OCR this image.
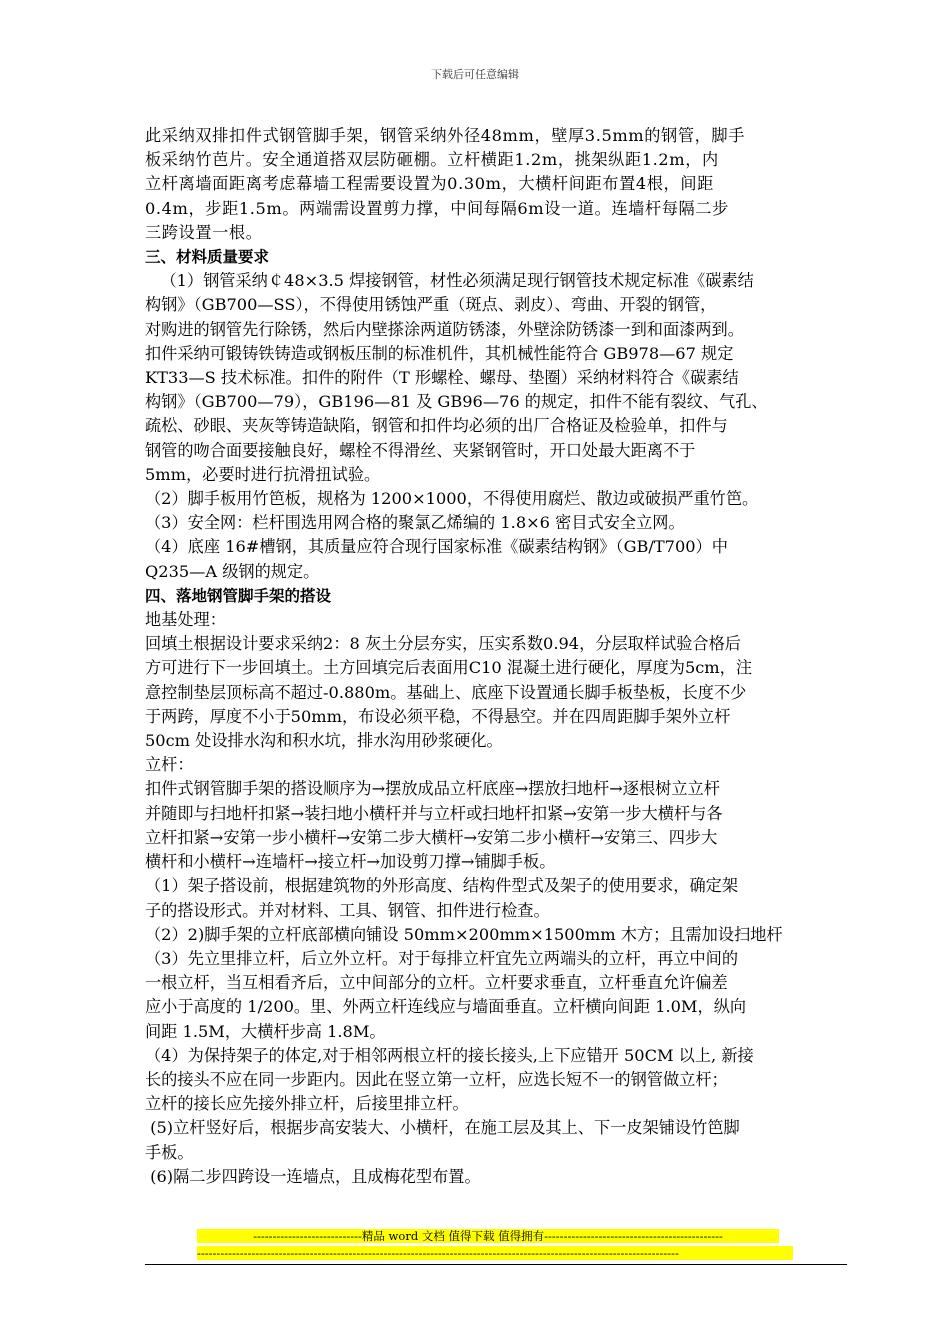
下载后可任意编辑

此采纳双排扣件式钢管脚手架，钢管采纳外径48mm，壁厚3.5mm的钢管，脚手

板采纳竹芭片。安全通道搭双层防砸棚。立杆横距1.2m，挑架纵距1.2m，内

立杆离墙面距离考虑幕墙工程需要设置为0.30m，大横杆间距布置4根，间距

0.4m，步距1.5m。两端需设置剪力撑，中间每隔6m设一道。连墙杆每隔二步

三跨设置一根。

三、材料质量要求

（1）钢管采纳￠48×3.5 焊接钢管，材性必须满足现行钢管技术规定标准《碳素结

构钢》（GB700—SS），不得使用锈蚀严重（斑点、剥皮）、弯曲、开裂的钢管，

对购进的钢管先行除锈，然后内壁搽涂两道防锈漆，外壁涂防锈漆一到和面漆两到。

扣件采纳可锻铸铁铸造或钢板压制的标准机件，其机械性能符合 GB978—67 规定

KT33—S 技术标准。扣件的附件（T 形螺栓、螺母、垫圈）采纳材料符合《碳素结

构钢》（GB700—79），GB196—81 及 GB96—76 的规定，扣件不能有裂纹、气孔、

疏松、砂眼、夹灰等铸造缺陷，钢管和扣件均必须的出厂合格证及检验单，扣件与

钢管的吻合面要接触良好，螺栓不得滑丝、夹紧钢管时，开口处最大距离不于

5mm，必要时进行抗滑扭试验。

（2）脚手板用竹笆板，规格为 1200×1000，不得使用腐烂、散边或破损严重竹笆。

（3）安全网：栏杆围选用网合格的聚氯乙烯编的 1.8×6 密目式安全立网。

（4）底座 16#槽钢，其质量应符合现行国家标准《碳素结构钢》（GB/T700）中

Q235—A 级钢的规定。

四、落地钢管脚手架的搭设

地基处理：

回填土根据设计要求采纳2：8 灰土分层夯实，压实系数0.94，分层取样试验合格后

方可进行下一步回填土。土方回填完后表面用C10 混凝土进行硬化，厚度为5cm，注

意控制垫层顶标高不超过-0.880m。基础上、底座下设置通长脚手板垫板，长度不少

于两跨，厚度不小于50mm，布设必须平稳，不得悬空。并在四周距脚手架外立杆

50cm 处设排水沟和积水坑，排水沟用砂浆硬化。

立杆：

扣件式钢管脚手架的搭设顺序为→摆放成品立杆底座→摆放扫地杆→逐根树立立杆

并随即与扫地杆扣紧→装扫地小横杆并与立杆或扫地杆扣紧→安第一步大横杆与各

立杆扣紧→安第一步小横杆→安第二步大横杆→安第二步小横杆→安第三、四步大

横杆和小横杆→连墙杆→接立杆→加设剪刀撑→铺脚手板。

（1）架子搭设前，根据建筑物的外形高度、结构件型式及架子的使用要求，确定架

子的搭设形式。并对材料、工具、钢管、扣件进行检查。

（2）2)脚手架的立杆底部横向铺设 50mm×200mm×1500mm 木方；且需加设扫地杆

（3）先立里排立杆，后立外立杆。对于每排立杆宜先立两端头的立杆，再立中间的

一根立杆，当互相看齐后，立中间部分的立杆。立杆要求垂直，立杆垂直允许偏差

应小于高度的 1/200。里、外两立杆连线应与墙面垂直。立杆横向间距 1.0M，纵向

间距 1.5M，大横杆步高 1.8M。

（4）为保持架子的体定,对于相邻两根立杆的接长接头,上下应错开 50CM 以上, 新接

长的接头不应在同一步距内。因此在竖立第一立杆，应选长短不一的钢管做立杆；

立杆的接长应先接外排立杆，后接里排立杆。

(5)立杆竖好后，根据步高安装大、小横杆，在施工层及其上、下一皮架铺设竹笆脚

手板。

(6)隔二步四跨设一连墙点，且成梅花型布置。

----------------------------精品 word 文档 值得下载 值得拥有----------------------------------------------
----------------------------------------------------------------------------------------------------------------------------
